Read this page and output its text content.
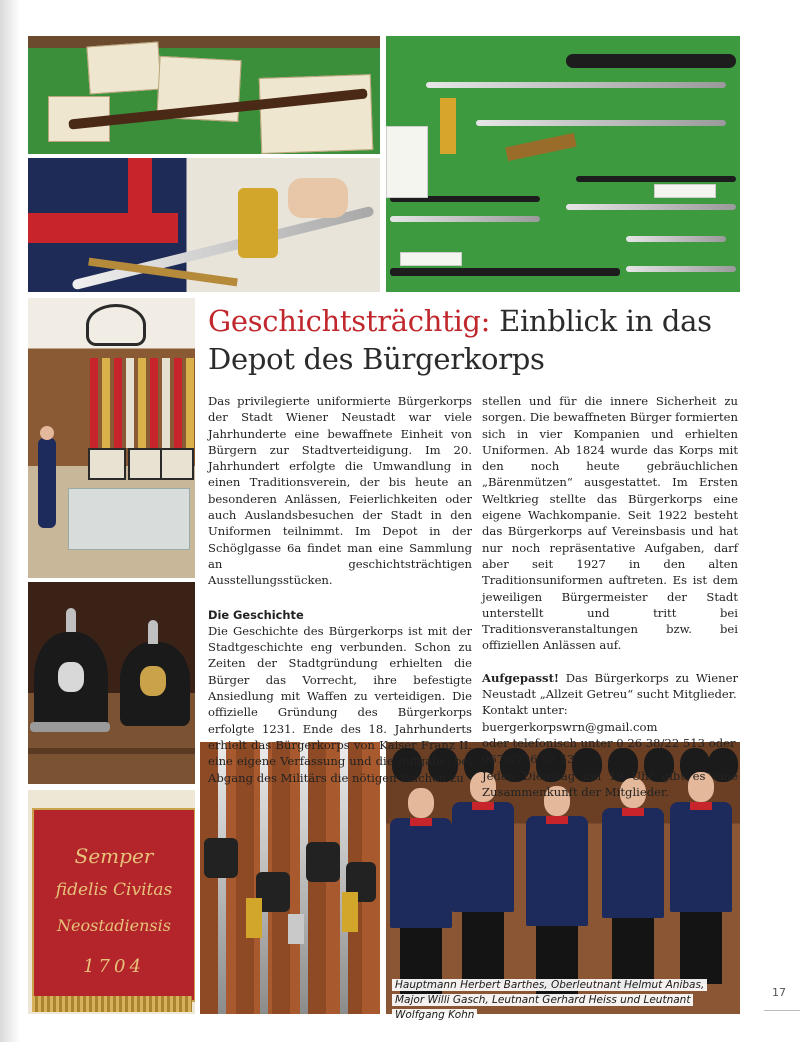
Semper
fidelis Civitas
Neostadiensis
1704
Hauptmann Herbert Barthes, Oberleutnant Helmut Anibas,
Major Willi Gasch, Leutnant Gerhard Heiss und Leutnant Wolfgang Kohn
Geschichtsträchtig: Einblick in das Depot des Bürgerkorps

Das privilegierte uniformierte Bürgerkorps der Stadt Wiener Neustadt war viele Jahrhunderte eine bewaffnete Einheit von Bürgern zur Stadtverteidigung. Im 20. Jahrhundert erfolgte die Umwandlung in einen Traditionsverein, der bis heute an besonderen Anlässen, Feierlichkeiten oder auch Auslandsbesuchen der Stadt in den Uniformen teilnimmt. Im Depot in der Schöglgasse 6a findet man eine Sammlung an geschichtsträchtigen Ausstellungsstücken.

Die Geschichte

Die Geschichte des Bürgerkorps ist mit der Stadtgeschichte eng verbunden. Schon zu Zeiten der Stadtgründung erhielten die Bürger das Vorrecht, ihre befestigte Ansiedlung mit Waffen zu verteidigen. Die offizielle Gründung des Bürgerkorps erfolgte 1231. Ende des 18. Jahrhunderts erhielt das Bürgerkorps von Kaiser Franz II. eine eigene Verfassung und die Aufgabe, bei Abgang des Militärs die nötigen Wachen zu

stellen und für die innere Sicherheit zu sorgen. Die bewaffneten Bürger formierten sich in vier Kompanien und erhielten Uniformen. Ab 1824 wurde das Korps mit den noch heute gebräuchlichen „Bärenmützen“ ausgestattet. Im Ersten Weltkrieg stellte das Bürgerkorps eine eigene Wachkompanie. Seit 1922 besteht das Bürgerkorps auf Vereinsbasis und hat nur noch repräsentative Aufgaben, darf aber seit 1927 in den alten Traditionsuniformen auftreten. Es ist dem jeweiligen Bürgermeister der Stadt unterstellt und tritt bei Traditionsveranstaltungen bzw. bei offiziellen Anlässen auf.

Aufgepasst! Das Bürgerkorps zu Wiener Neustadt „Allzeit Getreu“ sucht Mitglieder.

Kontakt unter: buergerkorpswrn@gmail.com

oder telefonisch unter 0 26 38/22 513 oder

0676/736 52 53

Jeden Dienstag um 19 Uhr gibt es eine Zusammenkunft der Mitglieder.

17
